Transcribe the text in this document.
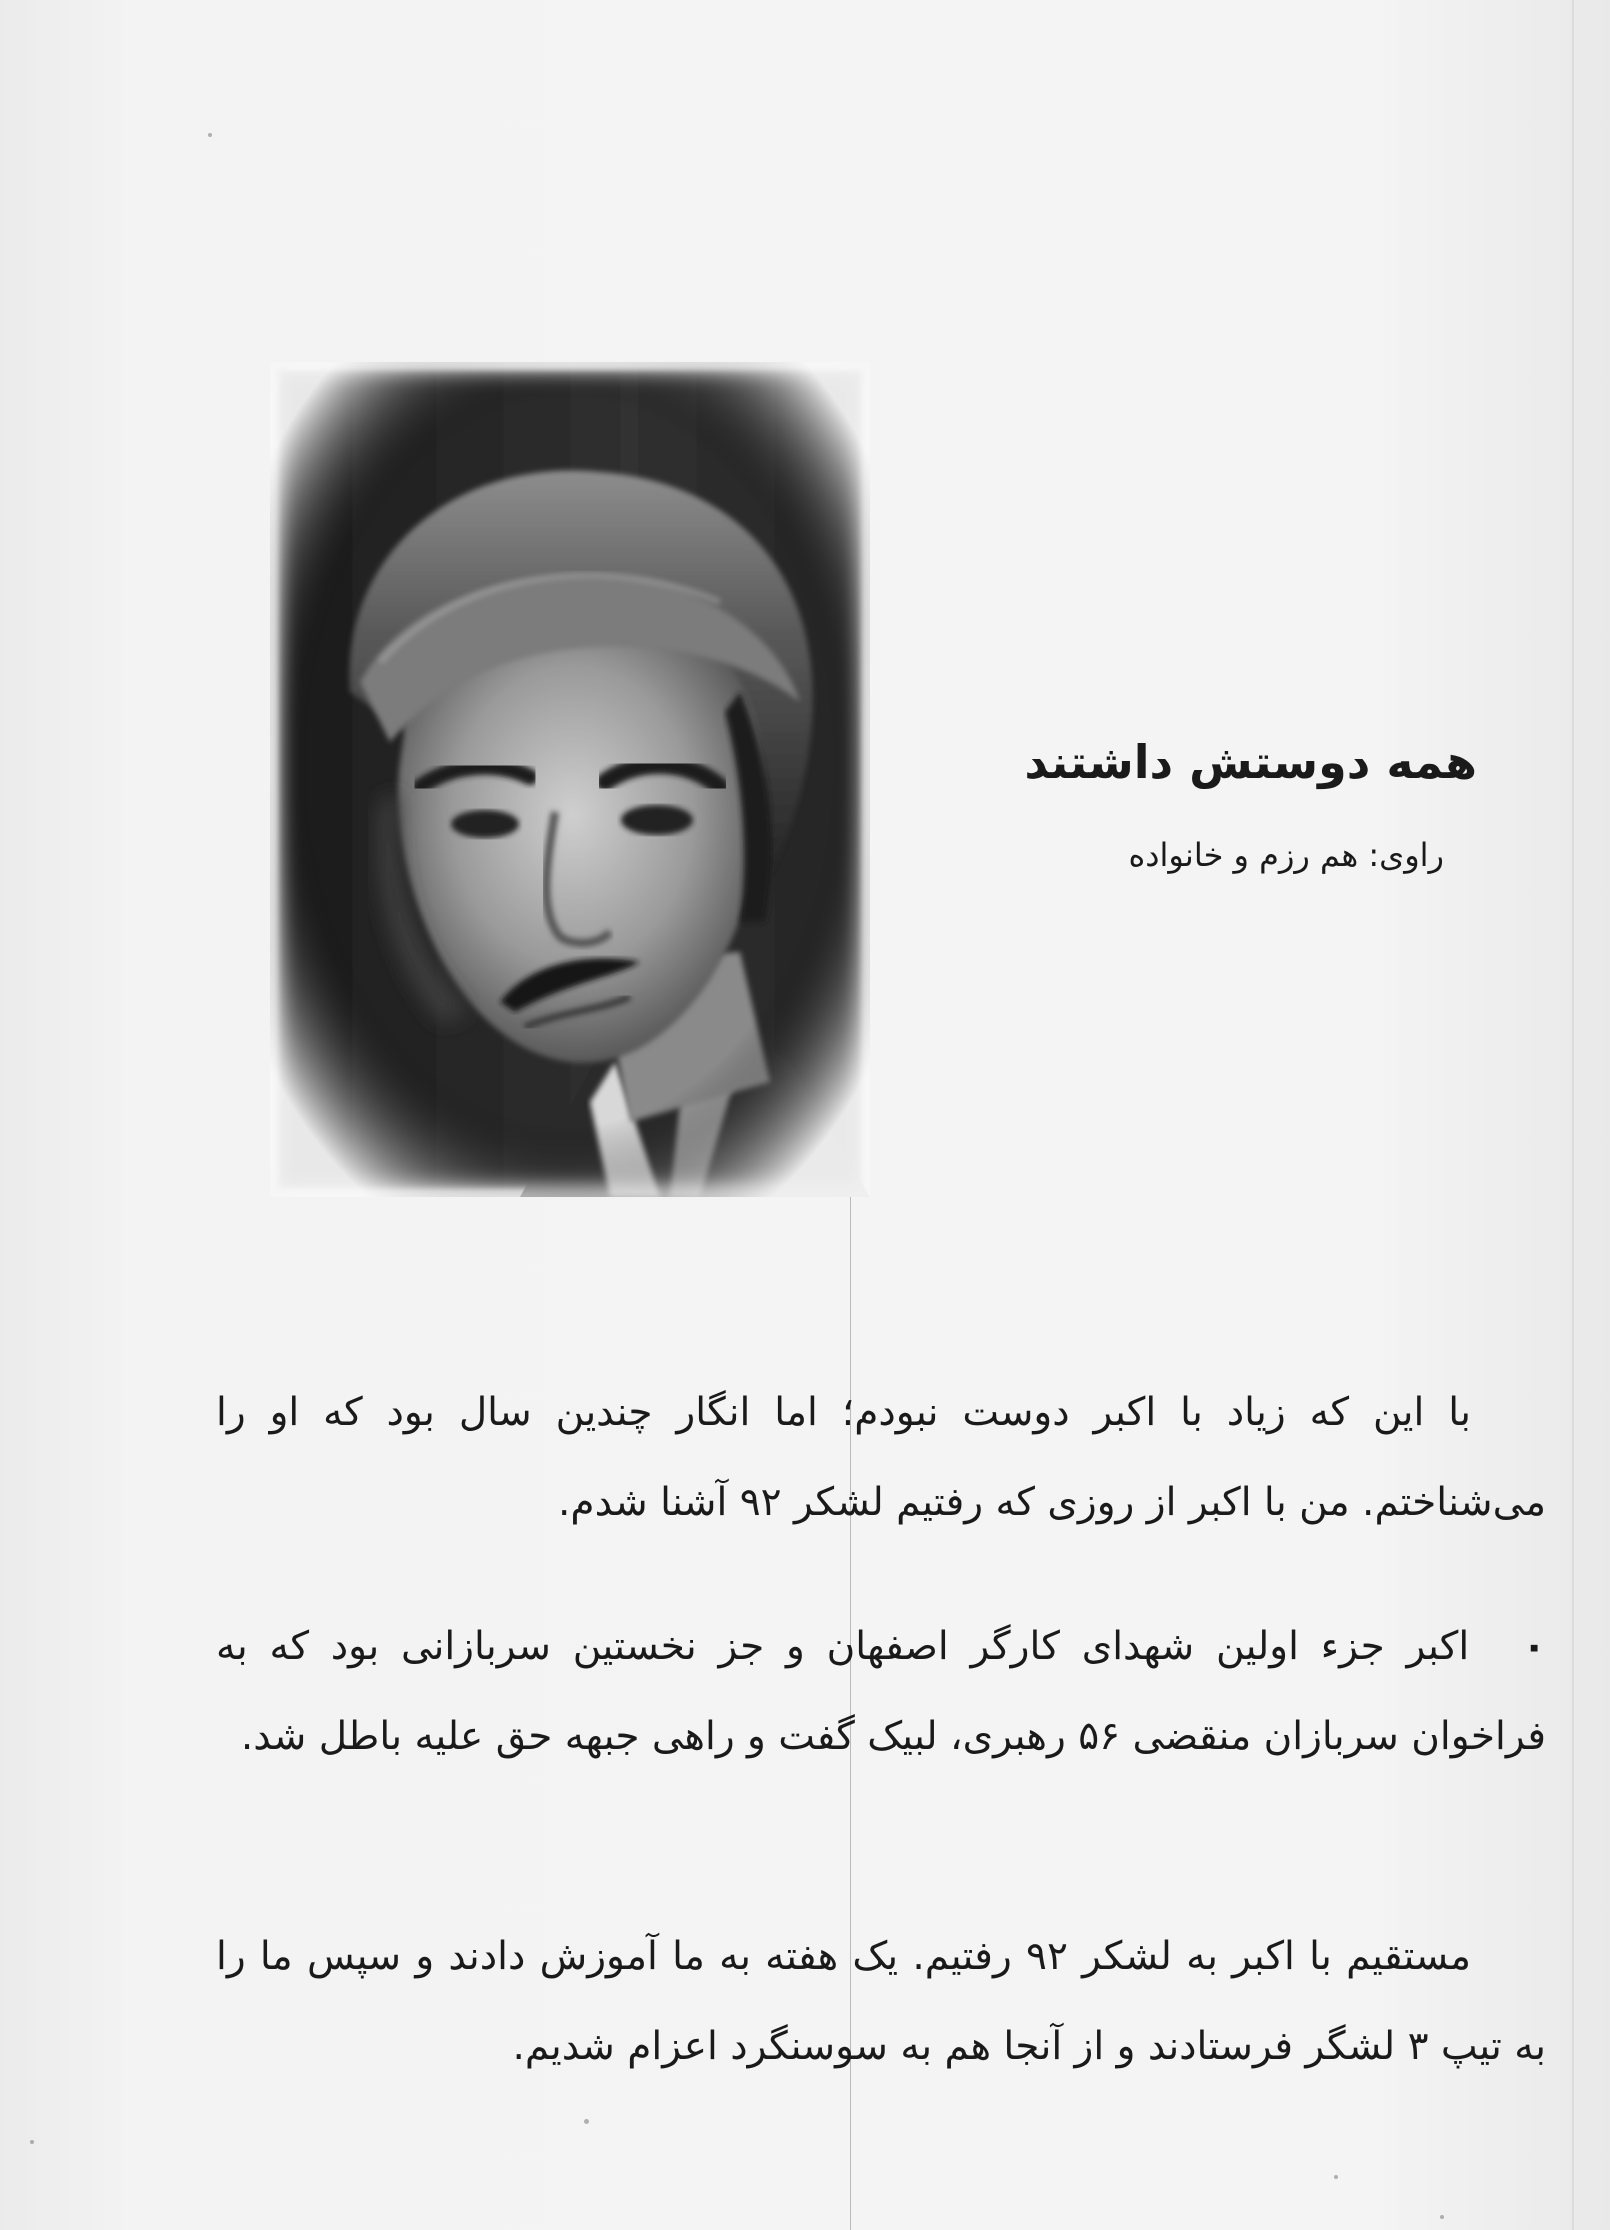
همه دوستش داشتند

راوی: هم رزم و خانواده

با این که زیاد با اکبر دوست نبودم؛ اما انگار چندین سال بود که او را می‌شناختم. من با اکبر از روزی که رفتیم لشکر ۹۲ آشنا شدم.

۰ اکبر جزء اولین شهدای کارگر اصفهان و جز نخستین سربازانی بود که به فراخوان سربازان منقضی ۵۶ رهبری، لبیک گفت و راهی جبهه حق علیه باطل شد.

مستقیم با اکبر به لشکر ۹۲ رفتیم. یک هفته به ما آموزش دادند و سپس ما را به تیپ ۳ لشگر فرستادند و از آنجا هم به سوسنگرد اعزام شدیم.
